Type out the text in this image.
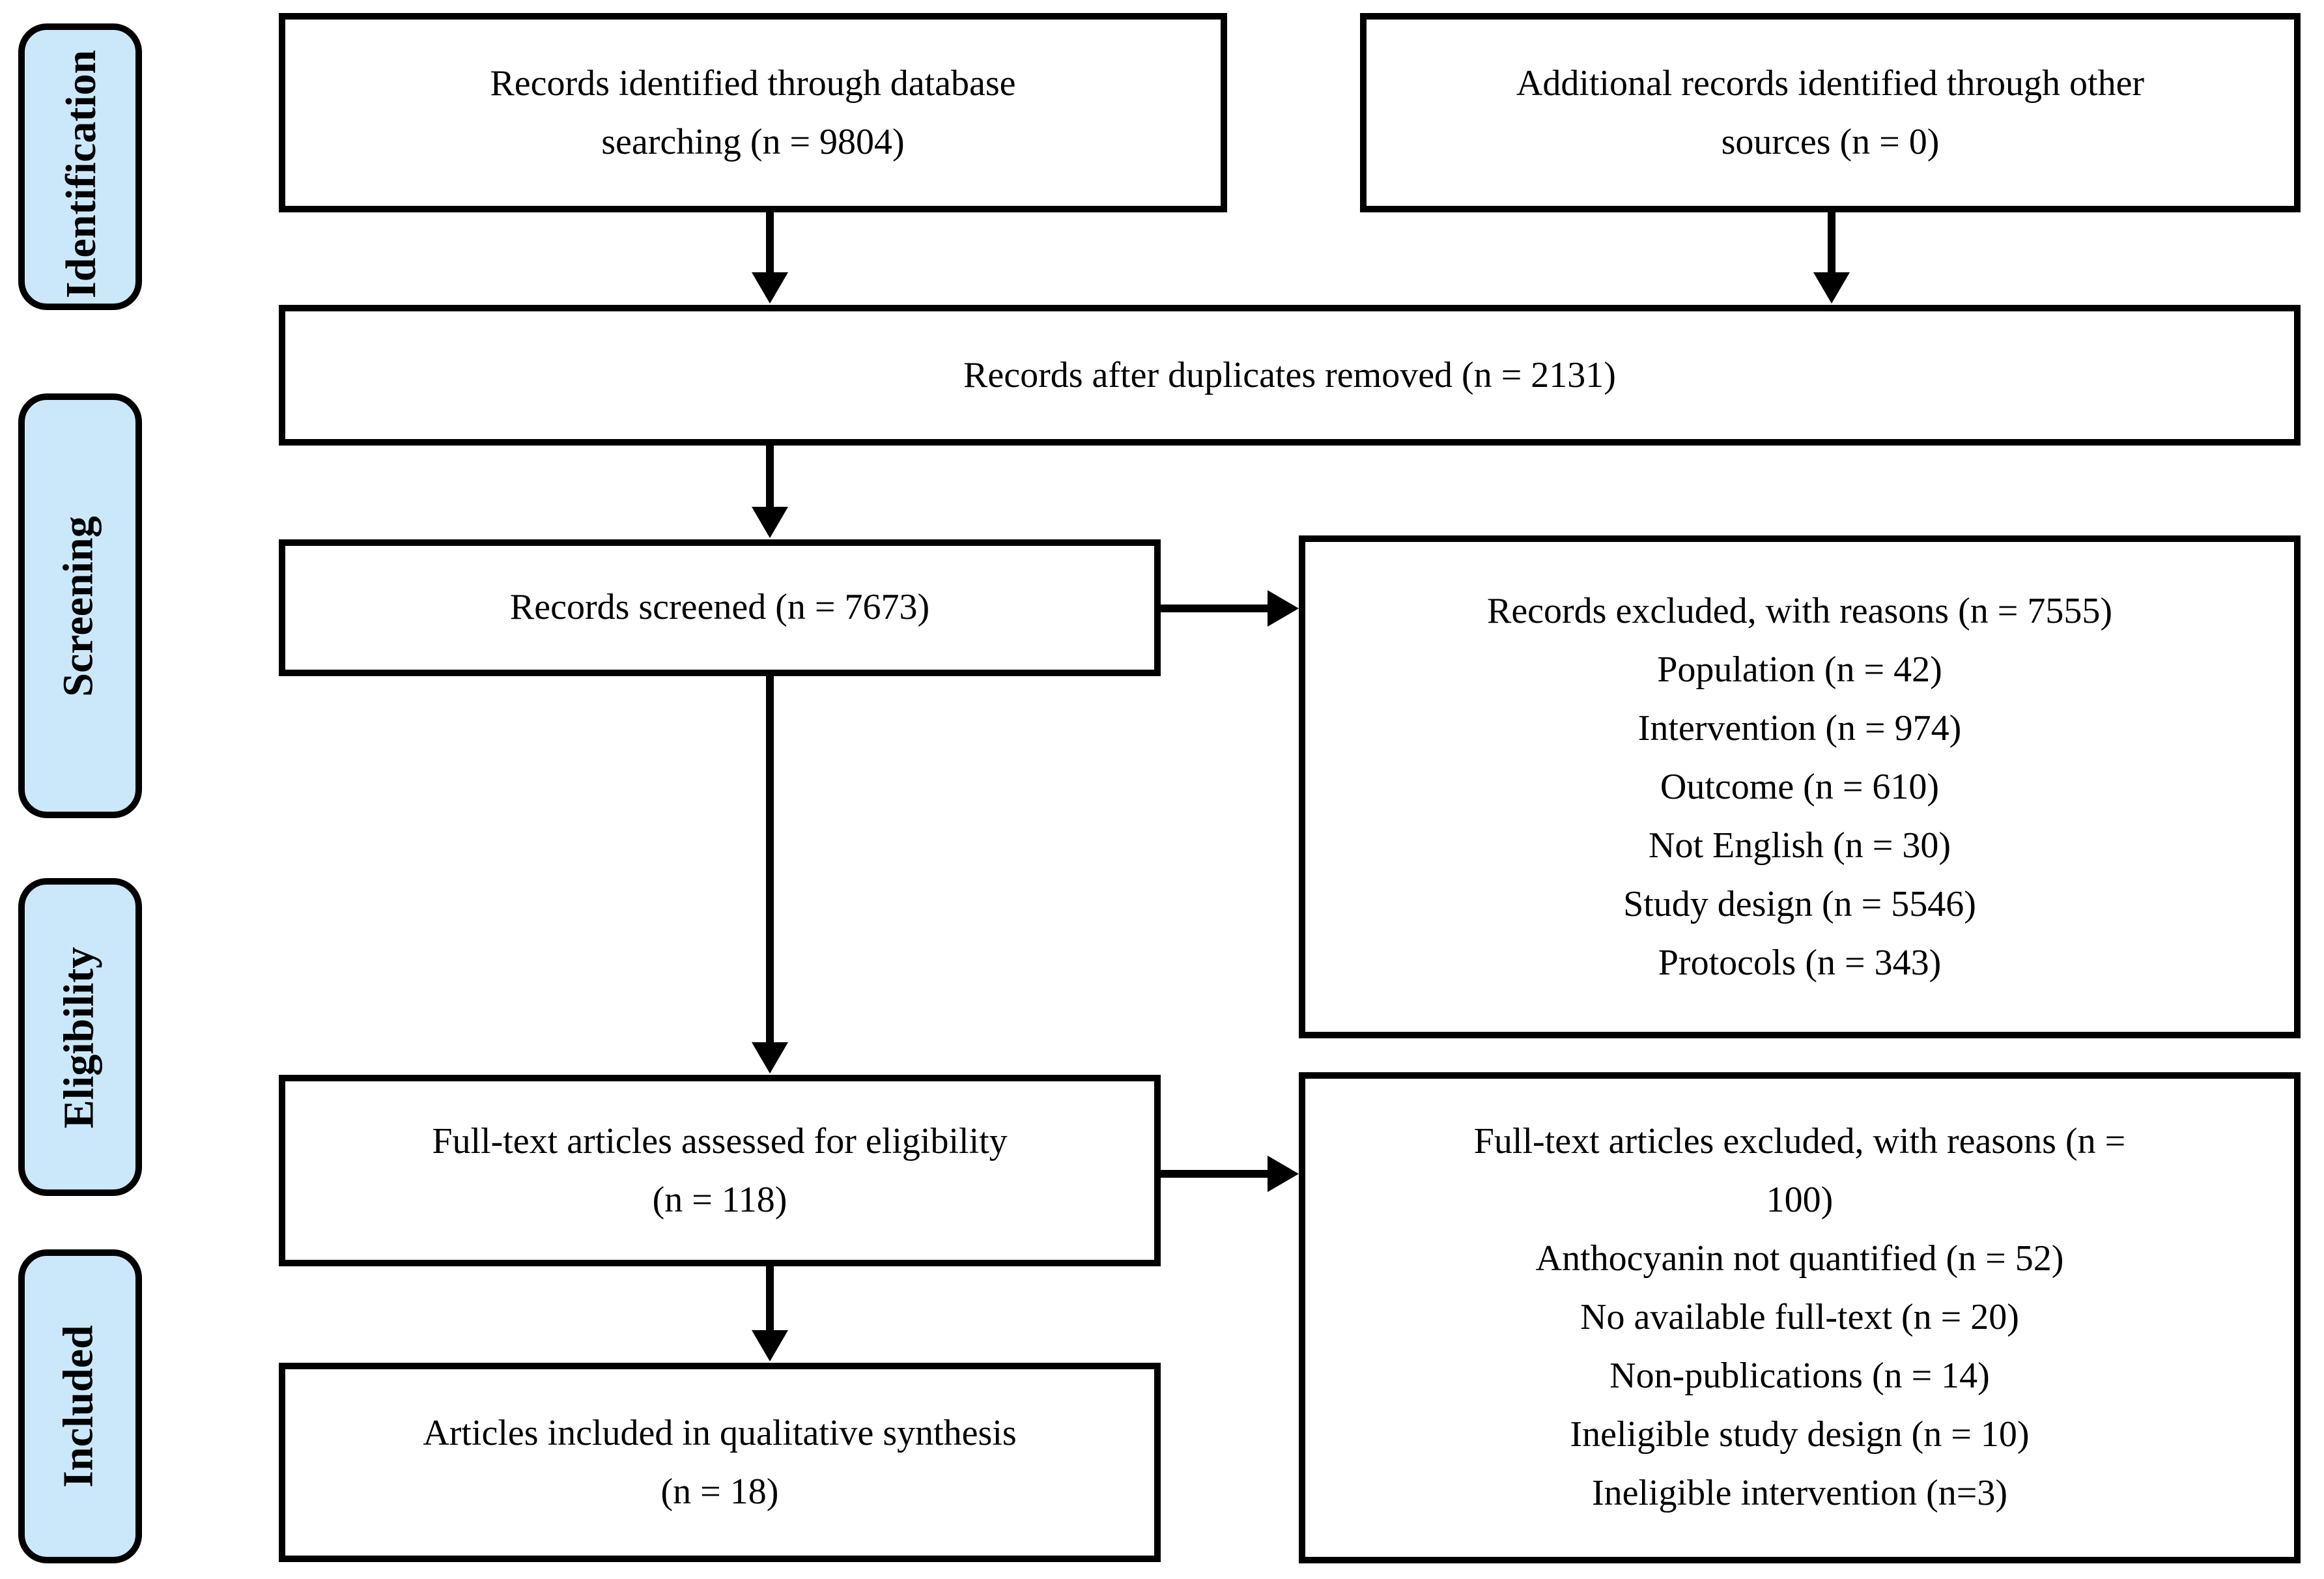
Identification
Screening
Eligibility
Included
Records identified through database
searching (n = 9804)
Additional records identified through other
sources (n = 0)
Records after duplicates removed (n = 2131)
Records screened (n = 7673)	Records excluded, with reasons (n = 7555)
Population (n = 42)
Intervention (n = 974)
Outcome (n = 610)
Not English (n = 30)
Study design (n = 5546)
Protocols (n = 343)
Full-text articles assessed for eligibility
(n = 118)
Full-text articles excluded, with reasons (n =
100)
Anthocyanin not quantified (n = 52)
No available full-text (n = 20)
Non-publications (n = 14)
Ineligible study design (n = 10)
Ineligible intervention (n=3)
Articles included in qualitative synthesis
(n = 18)
